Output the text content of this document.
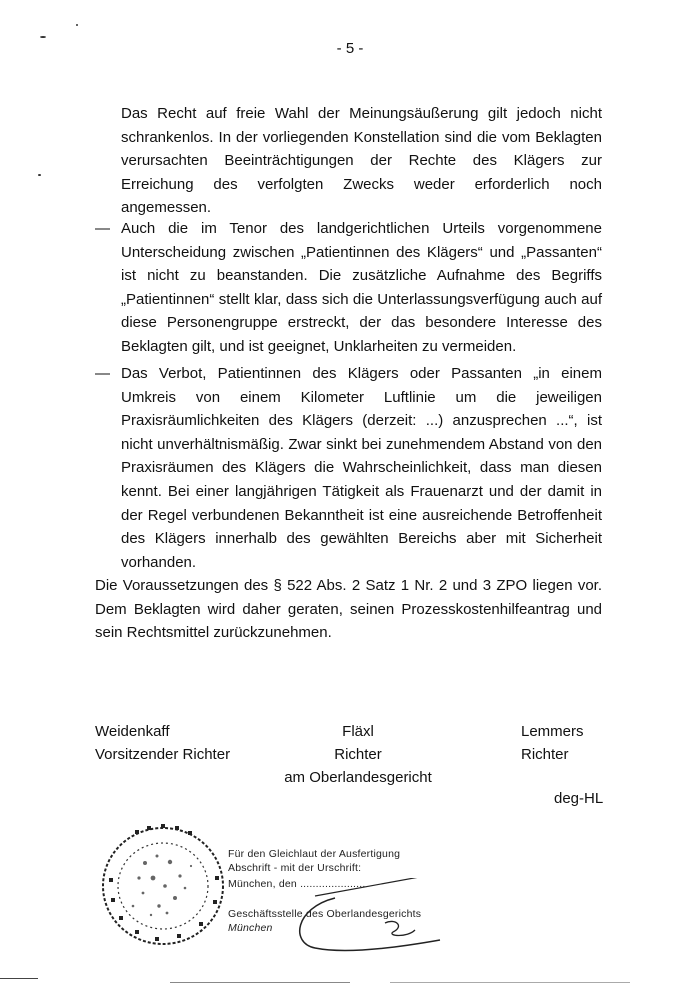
- 5 -

Das Recht auf freie Wahl der Meinungsäußerung gilt jedoch nicht schrankenlos. In der vorliegenden Konstellation sind die vom Beklagten verursachten Beeinträchtigungen der Rechte des Klägers zur Erreichung des verfolgten Zwecks weder erforderlich noch angemessen.

— Auch die im Tenor des landgerichtlichen Urteils vorgenommene Unterscheidung zwischen „Patientinnen des Klägers“ und „Passanten“ ist nicht zu beanstanden. Die zusätzliche Aufnahme des Begriffs „Patientinnen“ stellt klar, dass sich die Unterlassungsverfügung auch auf diese Personengruppe erstreckt, der das besondere Interesse des Beklagten gilt, und ist geeignet, Unklarheiten zu vermeiden.

— Das Verbot, Patientinnen des Klägers oder Passanten „in einem Umkreis von einem Kilometer Luftlinie um die jeweiligen Praxisräumlichkeiten des Klägers (derzeit: ...) anzusprechen ...“, ist nicht unverhältnismäßig. Zwar sinkt bei zunehmendem Abstand von den Praxisräumen des Klägers die Wahrscheinlichkeit, dass man diesen kennt. Bei einer langjährigen Tätigkeit als Frauenarzt und der damit in der Regel verbundenen Bekanntheit ist eine ausreichende Betroffenheit des Klägers innerhalb des gewählten Bereichs aber mit Sicherheit vorhanden.

Die Voraussetzungen des § 522 Abs. 2 Satz 1 Nr. 2 und 3 ZPO liegen vor. Dem Beklagten wird daher geraten, seinen Prozesskostenhilfeantrag und sein Rechtsmittel zurückzunehmen.

Weidenkaff
Vorsitzender Richter
Fläxl
Richter
am Oberlandesgericht
Lemmers
Richter
deg-HL
Für den Gleichlaut der Ausfertigung
Abschrift - mit der Urschrift:
München, den .....................
Geschäftsstelle des Oberlandesgerichts
München
